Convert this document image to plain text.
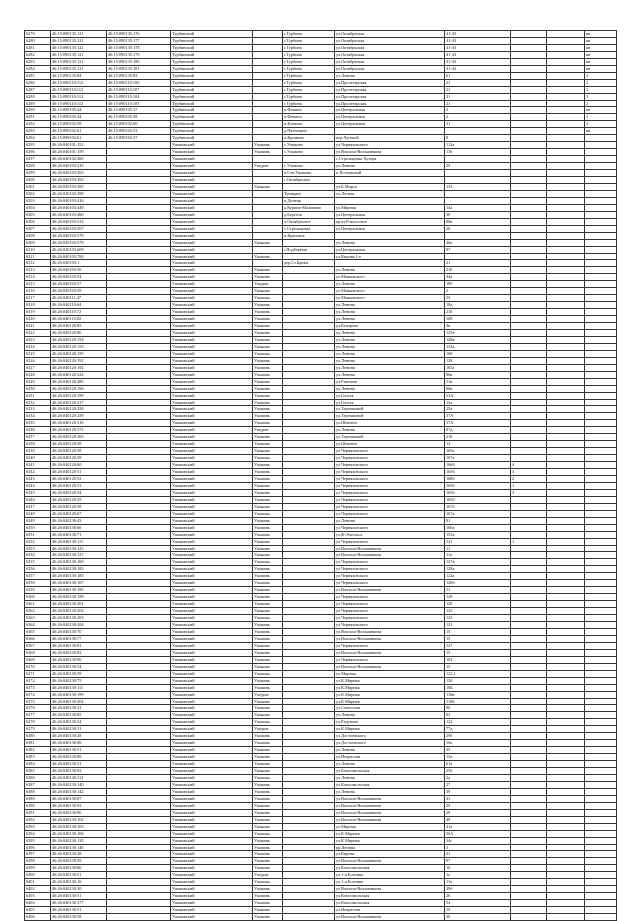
6279	46:15:090135:121	46:15:090135:176	Турбинский		г.Турбина	ул.Октябрьская	41-43			кв
6280	46:15:090135:121	46:15:090135:177	Турбинский		г.Турбина	ул.Октябрьская	41-43			кв
6281	46:15:090135:121	46:15:090135:178	Турбинский		г.Турбина	ул.Октябрьская	41-43			кв
6282	46:15:090135:121	46:15:090135:179	Турбинский		г.Турбина	ул.Октябрьская	41-43			кв
6283	46:15:090135:121	46:15:090135:180	Турбинский		г.Турбина	ул.Октябрьская	41-43			кв
6284	46:15:090135:121	46:15:090135:181	Турбинский		г.Турбина	ул.Октябрьская	41-43			кв
6285	46:15:090135:84	46:15:090135:83	Турбинский		г.Турбина	ул.Ленина	61			2
6286	46:15:090110:112	46:15:090110:106	Турбинский		г.Турбина	ул.Пролетарская	21			2
6287	46:15:090110:112	46:15:090110:107	Турбинский		г.Турбина	ул.Пролетарская	21			1
6288	46:15:090110:112	46:15:090110:104	Турбинский		г.Турбина	ул.Пролетарская	21			3
6289	46:15:090110:112	46:15:090110:105	Турбинский		г.Турбина	ул.Пролетарская	21			2
6290	46:15:090105:44	46:15:090105:37	Турбинский		п.Фокино	ул.Центральная	2			кв
6291	46:15:090105:44	46:15:090105:38	Турбинский		п.Фокино	ул.Центральная	2			1
6292	46:15:090102:58	46:15:090102:60	Турбинский		п.Клевень	ул.Центральная	21			2
6293	46:15:090102:61	46:15:090102:53	Турбинский		д.Пятницкое					кв
6294	46:15:090102:61	46:15:090102:57	Турбинский		п.Кромино	пер.Луговой	8			
6295	46:26:040101:152		Ушаковский	Ушаковь	с.Ушаково	ул.Черняховского	112а			
6296	46:26:040101:159		Ушаковский	Ушаковь	с.Ушаково	ул.Вокзала-Вольманкова	116			
6297	46:26:040102:460		Ушаковский			с.Стрельцовка Хутора				
6298	46:26:040103:219		Ушаковский	Ушуров	с.Ушаково	ул.Ленина	29			
6299	46:26:040103:363		Ушаковский		п.Сев.Ушаково	п.Полтавский				
6300	46:26:040103:392		Ушаковский		с.Октябрьское					
6301	46:26:040103:395		Ушаковский	Ушаковь		ул.Б.Мирск	133			
6302	46:26:040103:398		Ушаковский		Троицкое	ул.Лесная				
6303	46:26:040103:416		Ушаковский		п.Донецк					
6304	46:26:040103:449		Ушаковский		д.Курино-Малиново	ул.Мирная	14а			
6305	46:26:040103:460		Ушаковский		д.Березов	ул.Центральная	30			
6306	46:26:040103:512		Ушаковский		п.Октябрьское	пр.кт.Рокоссовск	86в			
6307	46:26:040103:567		Ушаковский		с.Стрельцовка	ул.Центральная	26			
6308	46:26:040103:579		Ушаковский		п.Красивое					
6309	46:26:040103:579		Ушаковский	Ушаковь		ул.Ленина	46а			
6310	46:26:040103:609		Ушаковский		г.Подберёзье	ул.Центральная	97			
6311	46:26:040103:784		Ушаковский	Ушаковь		ул.Кирова 1-е				
6312	46:26:040103:1		Ушаковский		дер.Ст.Брежа		21			
6313	46:26:040103:56		Ушаковский	Ушаковь		ул.Ленина	210			
6314	46:26:040103:54		Ушаковский	Ушаковь		ул.Маяковского	44а			
6315	46:26:040103:57		Ушаковский	Ушуров		ул.Ленина	189			
6316	46:26:040103:59		Ушаковский	Ушаковь		ул.Маяковского	2			
6317	46:26:040111:47		Ушаковский	Ушаковь		ул.Маяковского	23			
6318	46:26:040110:64		Ушаковский	Ушаковь		ул.Ленина	18д			
6319	46:26:040110:72		Ушаковский	Ушаковь		ул.Ленина	210			
6320	46:26:040110:82		Ушаковский	Ушаковь		ул.Ленина	108			
6321	46:26:040120:85		Ушаковский	Ушаковь		ул.Кочарова	4в			
6322	46:26:040120:86		Ушаковский	Ушаковь		ул.Ленина	125в			
6323	46:26:040120:154		Ушаковский	Ушаковь		ул.Ленина	128в			
6324	46:26:040120:155		Ушаковский	Ушаковь		ул.Ленина	133а			
6325	46:26:040120:159		Ушаковский	Ушаковь		ул.Ленина	168			
6326	46:26:040120:191		Ушаковский	Ушаковь		ул.Ленина	128			
6327	46:26:040120:192		Ушаковский	Ушаковь		ул.Ленина	165а			
6328	46:26:040120:324		Ушаковский	Ушаковь		ул.Ленина	86в			
6329	46:26:040120:480		Ушаковский	Ушаковь		ул.Ракетова	11в			
6330	46:26:040120:196		Ушаковский	Ушаковь		ул.Ленина	86в			
6331	46:26:040120:199		Ушаковский	Ушаковь		ул.Гоголя	53А			
6332	46:26:040120:217		Ушаковский	Ушаковь		ул.Гоголя	12а			
6333	46:26:040120:258		Ушаковский	Ушаковь		ул.Терешковой	25а			
6334	46:26:040120:259		Ушаковский	Ушаковь		ул.Терешковой	37А			
6335	46:26:040120:316		Ушаковский	Ушаковь		ул.Шевнего	17А			
6336	46:26:040120:372		Ушаковский	Ушуров		ул.Ленина	87д			
6337	46:26:040120:365		Ушаковский	Ушаковь		ул.Терешковой	210			
6338	46:26:040120:58		Ушаковский	Ушаковь		ул.Шевнего	12			
6339	46:26:040120:58		Ушаковский	Ушаковь		ул.Черняховского	165а			
6340	46:26:040120:59		Ушаковский	Ушаковь		ул.Черняховского	167а			
6341	46:26:040120:60		Ушаковский	Ушаковь		ул.Черняховского	166б	4		
6342	46:26:040120:51		Ушаковский	Ушаковь		ул.Черняховского	165б	3		
6343	46:26:040120:52		Ушаковский	Ушаковь		ул.Черняховского	168б	2		
6344	46:26:040120:53		Ушаковский	Ушаковь		ул.Черняховского	165б	1		
6345	46:26:040120:54		Ушаковский	Ушаковь		ул.Черняховского	165б	3		
6346	46:26:040120:55		Ушаковский	Ушаковь		ул.Черняховского	165б			
6347	46:26:040120:58		Ушаковский	Ушаковь		ул.Черняховского	167б			
6348	46:26:040120:67		Ушаковский	Ушаковь		ул.Черняховского	167а			
6349	46:26:040130:43		Ушаковский	Ушаковь		ул.Ленина	81			
6350	46:26:040130:66		Ушаковский	Ушаковь		ул.Черняховского	160а			
6351	46:26:040130:71		Ушаковский	Ушаковь		ул.Ф.Энгельса	155а			
6352	46:26:040130:115		Ушаковский	Ушаковь		ул.Черняховского	121	1		
6353	46:26:040130:125		Ушаковский	Ушаковь		ул.Вокзала-Вольманкова	11			
6354	46:26:040130:137		Ушаковский	Ушаковь		ул.Вокзала-Вольманкова	11а			
6355	46:26:040130:160		Ушаковский	Ушаковь		ул.Черняховского	127в			
6356	46:26:040130:183		Ушаковский	Ушаковь		ул.Черняховского	128а			
6357	46:26:040130:185		Ушаковский	Ушаковь		ул.Черняховского	122а			
6358	46:26:040130:187		Ушаковский	Ушаковь		ул.Черняховского	128б			
6359	46:26:040130:190		Ушаковский	Ушаковь		ул.Вокзала-Вольманкова	11			
6360	46:26:040130:198		Ушаковский	Ушаковь		ул.Черняховского	128			
6361	46:26:040130:201		Ушаковский	Ушаковь		ул.Черняховского	128			
6362	46:26:040130:202		Ушаковский	Ушаковь		ул.Черняховского	125			
6363	46:26:040130:203		Ушаковский	Ушаковь		ул.Черняховского	123			
6364	46:26:040130:204		Ушаковский	Ушаковь		ул.Черняховского	121			
6365	46:26:040130:70		Ушаковский	Ушаковь		ул.Вокзала-Вольманкова	15			
6366	46:26:040130:77		Ушаковский	Ушаковь		ул.Вокзала-Вольманкова	15			
6367	46:26:040130:81		Ушаковский	Ушаковь		ул.Черняховского	127			
6368	46:26:040130:82		Ушаковский	Ушаковь		ул.Вокзала-Вольманкова	15			
6369	46:26:040130:96		Ушаковский	Ушаковь		ул.Черняховского	102			
6370	46:26:040130:54		Ушаковский	Ушаковь		ул.Вокзала-Вольманкова	15			
6371	46:26:040130:59		Ушаковский	Ушаковь		ул.Мирная	122,1			
6372	46:26:040130:75		Ушаковский	Ушаковь		ул.К.Мирная	120			
6373	46:26:040130:111		Ушаковский	Ушаковь		ул.К.Мирная	10Б			
6374	46:26:040130:199		Ушаковский	Ушуров		ул.К.Мирная	116в			
6375	46:26:040130:204		Ушаковский	Ушаковь		ул.К.Мирная	110Б			
6376	46:26:040130:21		Ушаковский	Ушаковь		ул.Советская	9б			
6377	46:26:040130:85		Ушаковский	Ушаковь		ул.Ленина	83			
6378	46:26:040130:54		Ушаковский	Ушаковь		ул.Радунова	122			
6379	46:26:040130:51		Ушаковский	Ушуров		ул.К.Мирная	77д			
6380	46:26:040130:28		Ушаковский	Ушаковь		ул.Достоевского	29б			
6381	46:26:040130:86		Ушаковский	Ушаковь		ул.Достоевского	10а			
6382	46:26:040130:51		Ушаковский	Ушаковь		ул.Ленина	35			
6383	46:26:040130:89		Ушаковский	Ушаковь		ул.Некрасова	15а			
6384	46:26:040130:51		Ушаковский	Ушаковь		ул.Ленина	61а			
6385	46:26:040130:92		Ушаковский	Ушаковь		ул.Комсомольская	25б			
6386	46:26:040130:114		Ушаковский	Ушаковь		ул.Ленина	2а			
6387	46:26:040130:140		Ушаковский	Ушаковь		ул.Комсомольская	27			
6388	46:26:040130:142		Ушаковский	Ушаковь		ул.Ленина	39			
6389	46:26:040130:87		Ушаковский	Ушаковь		ул.Вокзала-Вольманкова	41			
6390	46:26:040130:93		Ушаковский	Ушаковь		ул.Вокзала-Вольманкова	29			
6391	46:26:040130:96		Ушаковский	Ушаковь		ул.Вокзала-Вольманкова	29			
6392	46:26:040130:102		Ушаковский	Ушаковь		ул.Вокзала-Вольманкова	49			
6393	46:26:040130:105		Ушаковский	Ушаковь		ул.Мирная	41а			
6394	46:26:040130:106		Ушаковский	Ушаковь		ул.К.Мирная	36А			
6395	46:26:040130:135		Ушаковский	Ушаковь		ул.К.Мирная	34г			
6396	46:26:040130:146		Ушаковский	Ушаковь		пр.Ленина	3			
6397	46:26:040130:28		Ушаковский	Ушаковь		ул.Кирова	21			
6398	46:26:040130:39		Ушаковский	Ушаковь		ул.Вокзала-Вольманкова	97			
6399	46:26:040130:66		Ушаковский	Ушаковь		ул.Комсомольская	16			
6400	46:26:040130:51		Ушаковский	Ушуров		ул.1-я Есенина	1а			
6401	46:26:040130:16		Ушаковский	Ушаковь		ул.1-я Есенина	11а			
6402	46:26:040130:30		Ушаковский	Ушаковь		ул.Вокзала-Вольманкова	29б			
6403	46:26:040130:51		Ушаковский	Ушаковь		ул.Комсомольская	26			
6404	46:26:040130:377		Ушаковский	Ушаковь		ул.Комсомольская	54			
6405	46:26:040130:51		Ушаковский	Ушаковь		ул.Некрасова	19			
6406	46:26:040130:58		Ушаковский	Ушаковь		ул.Вокзала-Вольманкова	30			
